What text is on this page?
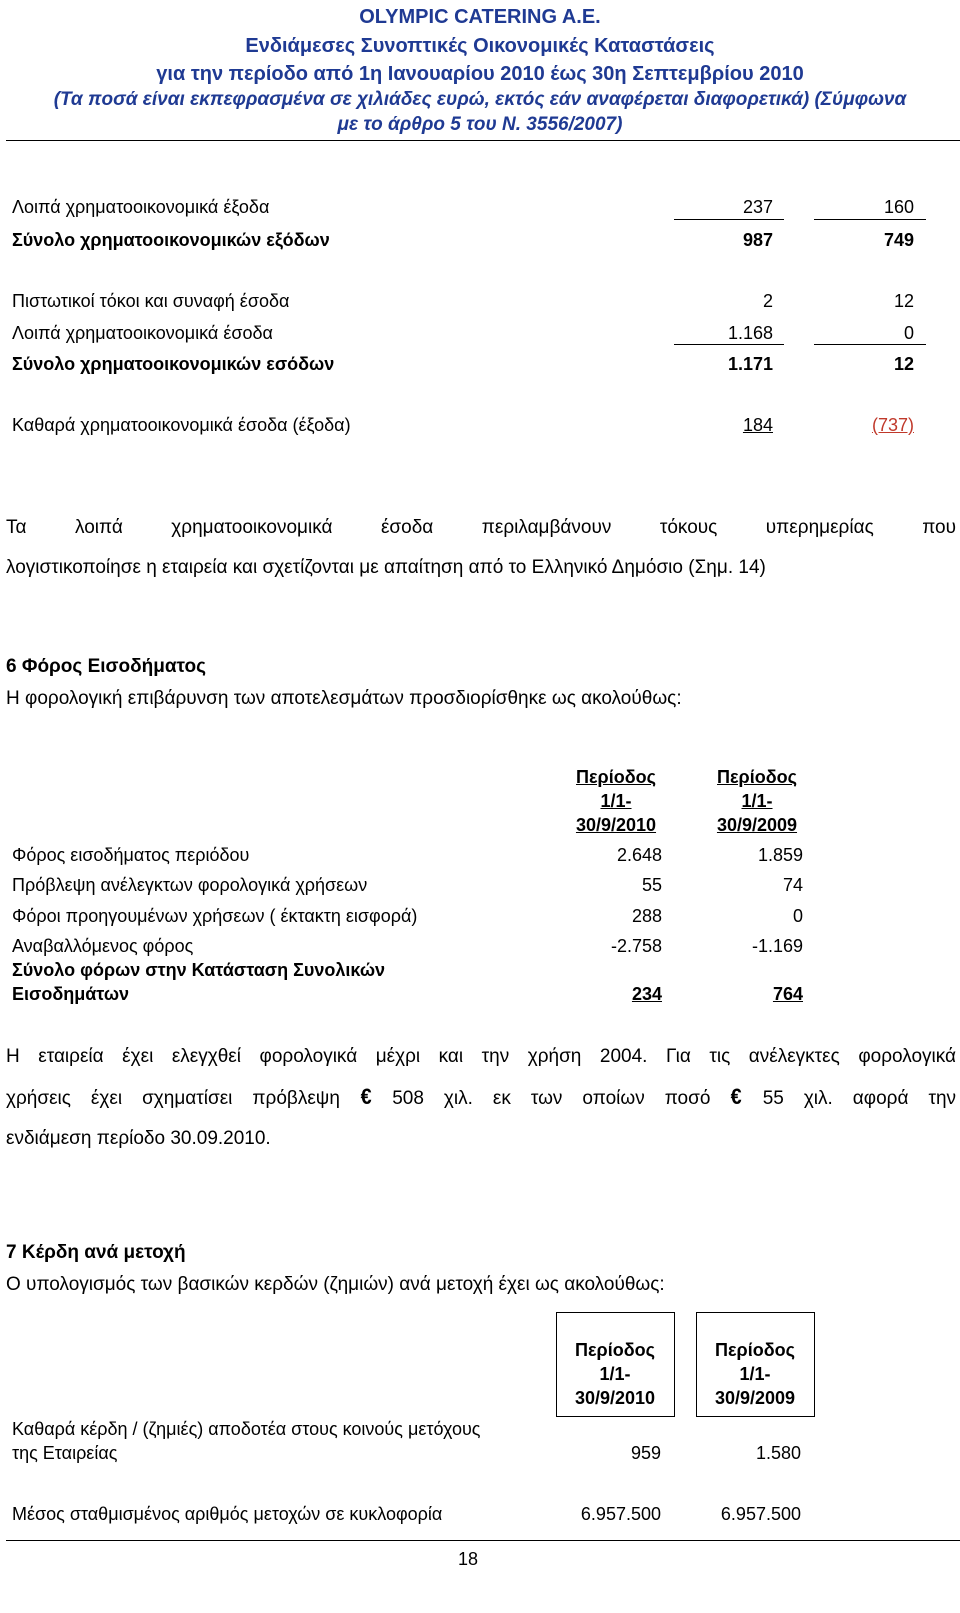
OLYMPIC CATERING A.E.
Ενδιάμεσες Συνοπτικές Οικονομικές Καταστάσεις
για την περίοδο από 1η Ιανουαρίου 2010 έως 30η Σεπτεμβρίου 2010
(Τα ποσά είναι εκπεφρασμένα σε χιλιάδες ευρώ, εκτός εάν αναφέρεται διαφορετικά) (Σύμφωνα
με το άρθρο 5 του Ν. 3556/2007)
Λοιπά χρηματοοικονομικά έξοδα	237	160
Σύνολο χρηματοοικονομικών εξόδων	987	749
Πιστωτικοί τόκοι και συναφή έσοδα	2	12
Λοιπά χρηματοοικονομικά έσοδα	1.168	0
Σύνολο χρηματοοικονομικών εσόδων	1.171	12
Καθαρά χρηματοοικονομικά έσοδα (έξοδα)	184	(737)
Τα λοιπά χρηματοοικονομικά έσοδα περιλαμβάνουν τόκους υπερημερίας που
λογιστικοποίησε η εταιρεία και σχετίζονται με απαίτηση από το Ελληνικό Δημόσιο (Σημ. 14)
6 Φόρος Εισοδήματος
Η φορολογική επιβάρυνση των αποτελεσμάτων προσδιορίσθηκε ως ακολούθως:
Περίοδος
1/1-
30/9/2010
Περίοδος
1/1-
30/9/2009
Φόρος εισοδήματος περιόδου	2.648	1.859
Πρόβλεψη ανέλεγκτων φορολογικά χρήσεων	55	74
Φόροι προηγουμένων χρήσεων ( έκτακτη εισφορά)	288	0
Αναβαλλόμενος φόρος	-2.758	-1.169
Σύνολο φόρων στην Κατάσταση Συνολικών
Εισοδημάτων	234	764
Η εταιρεία έχει ελεγχθεί φορολογικά μέχρι και την χρήση 2004. Για τις ανέλεγκτες φορολογικά
χρήσεις έχει σχηματίσει πρόβλεψη € 508 χιλ. εκ των οποίων ποσό € 55 χιλ. αφορά την
ενδιάμεση περίοδο 30.09.2010.
7 Κέρδη ανά μετοχή
Ο υπολογισμός των βασικών κερδών (ζημιών) ανά μετοχή έχει ως ακολούθως:
Περίοδος
1/1-
30/9/2010
Περίοδος
1/1-
30/9/2009
Καθαρά κέρδη / (ζημιές) αποδοτέα στους κοινούς μετόχους
της Εταιρείας	959	1.580
Μέσος σταθμισμένος αριθμός μετοχών σε κυκλοφορία	6.957.500	6.957.500
18
